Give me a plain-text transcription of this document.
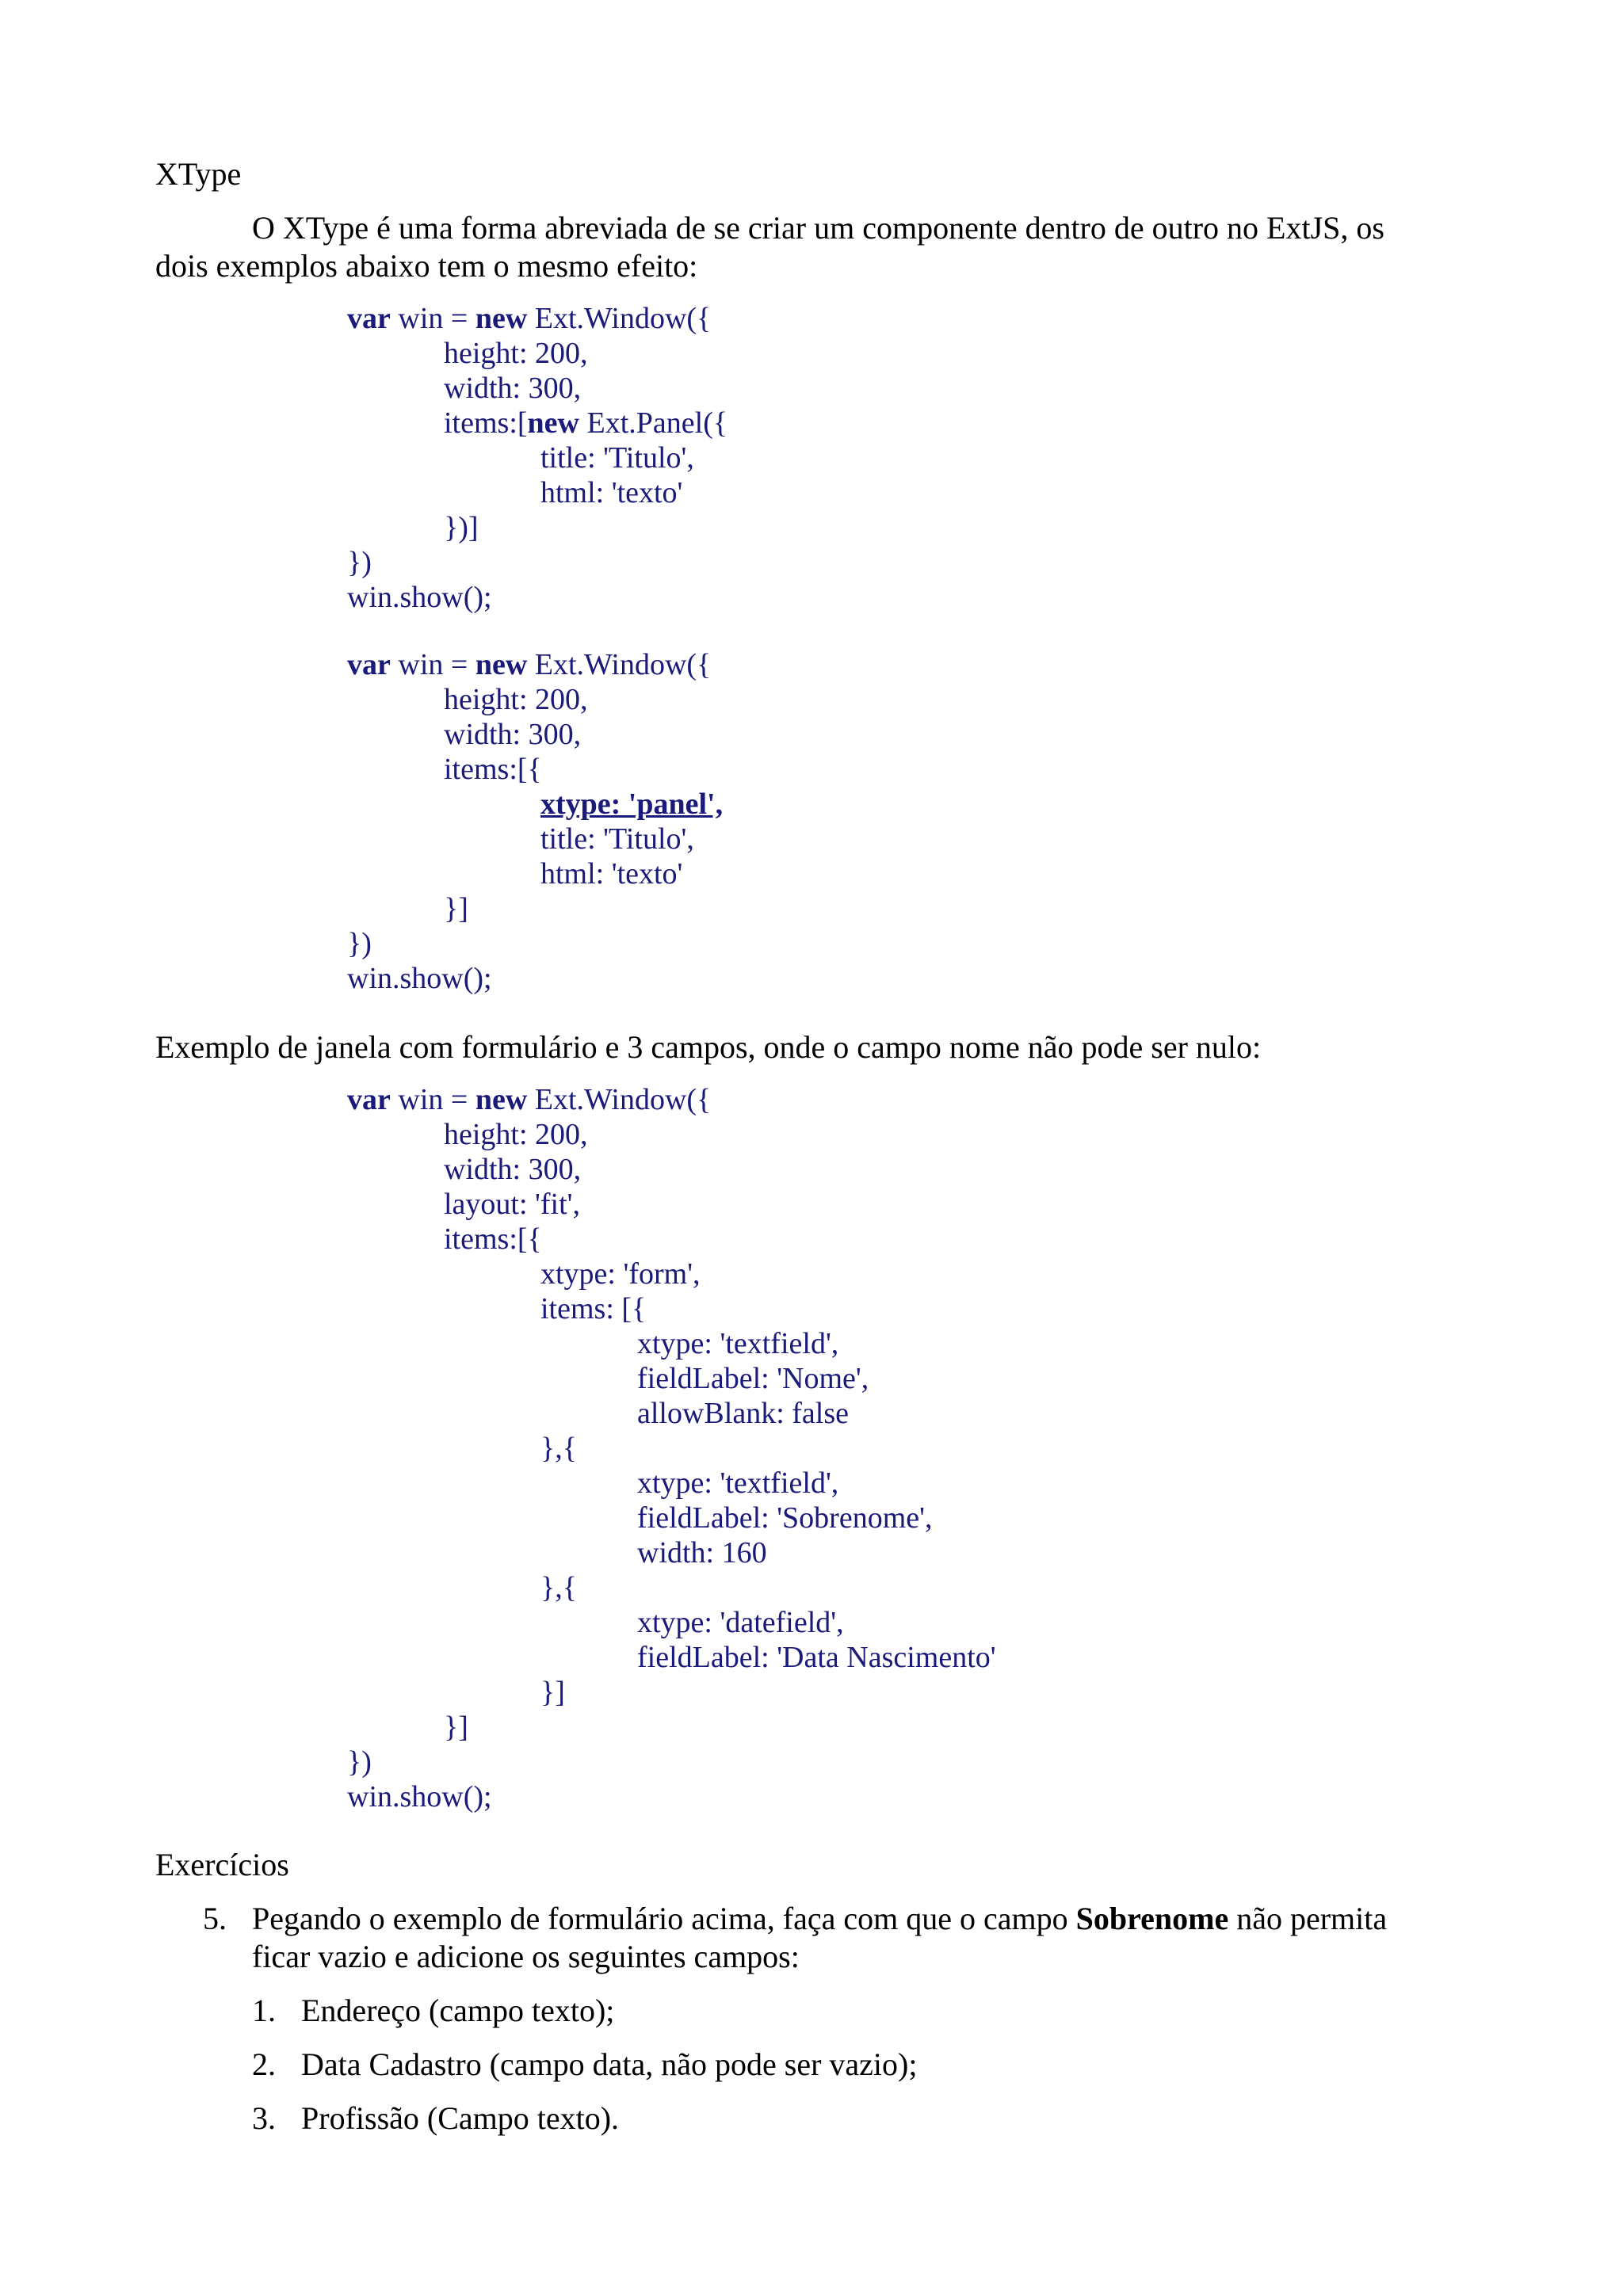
XType
O XType é uma forma abreviada de se criar um componente dentro de outro no ExtJS, os
dois exemplos abaixo tem o mesmo efeito:
var win = new Ext.Window({
height: 200,
width: 300,
items:[new Ext.Panel({
title: 'Titulo',
html: 'texto'
})]
})
win.show();
var win = new Ext.Window({
height: 200,
width: 300,
items:[{
xtype: 'panel',
title: 'Titulo',
html: 'texto'
}]
})
win.show();
Exemplo de janela com formulário e 3 campos, onde o campo nome não pode ser nulo:
var win = new Ext.Window({
height: 200,
width: 300,
layout: 'fit',
items:[{
xtype: 'form',
items: [{
xtype: 'textfield',
fieldLabel: 'Nome',
allowBlank: false
},{
xtype: 'textfield',
fieldLabel: 'Sobrenome',
width: 160
},{
xtype: 'datefield',
fieldLabel: 'Data Nascimento'
}]
}]
})
win.show();
Exercícios
5. Pegando o exemplo de formulário acima, faça com que o campo Sobrenome não permita
ficar vazio e adicione os seguintes campos:
1. Endereço (campo texto);
2. Data Cadastro (campo data, não pode ser vazio);
3. Profissão (Campo texto).
